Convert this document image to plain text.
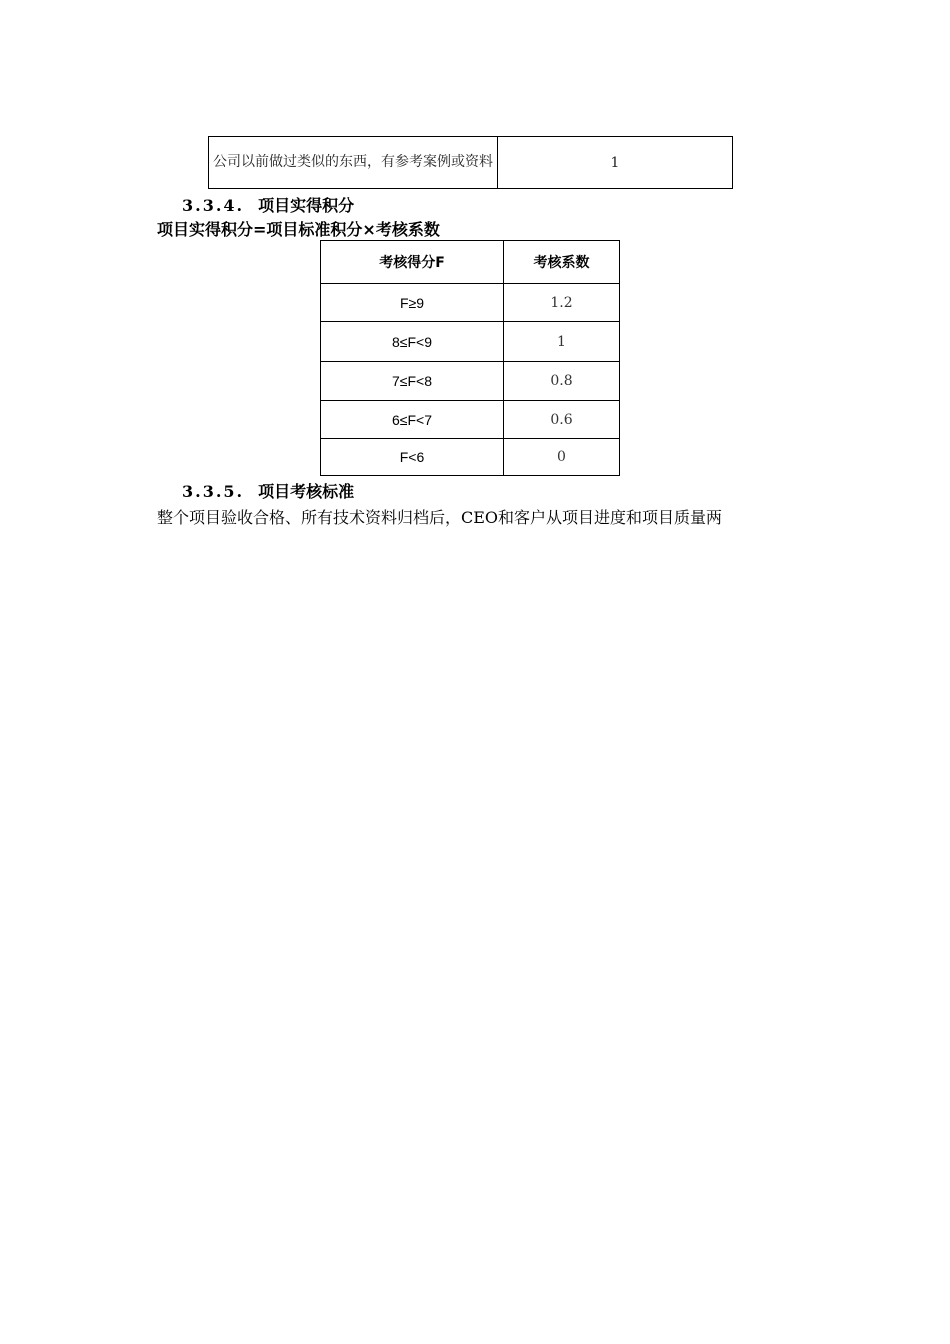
公司以前做过类似的东西，有参考案例或资料	1
3.3.4. 项目实得积分
项目实得积分=项目标准积分×考核系数
考核得分F	考核系数
F≥9	1.2
8≤F<9	1
7≤F<8	0.8
6≤F<7	0.6
F<6	0
3.3.5. 项目考核标准
整个项目验收合格、所有技术资料归档后，CEO和客户从项目进度和项目质量两
